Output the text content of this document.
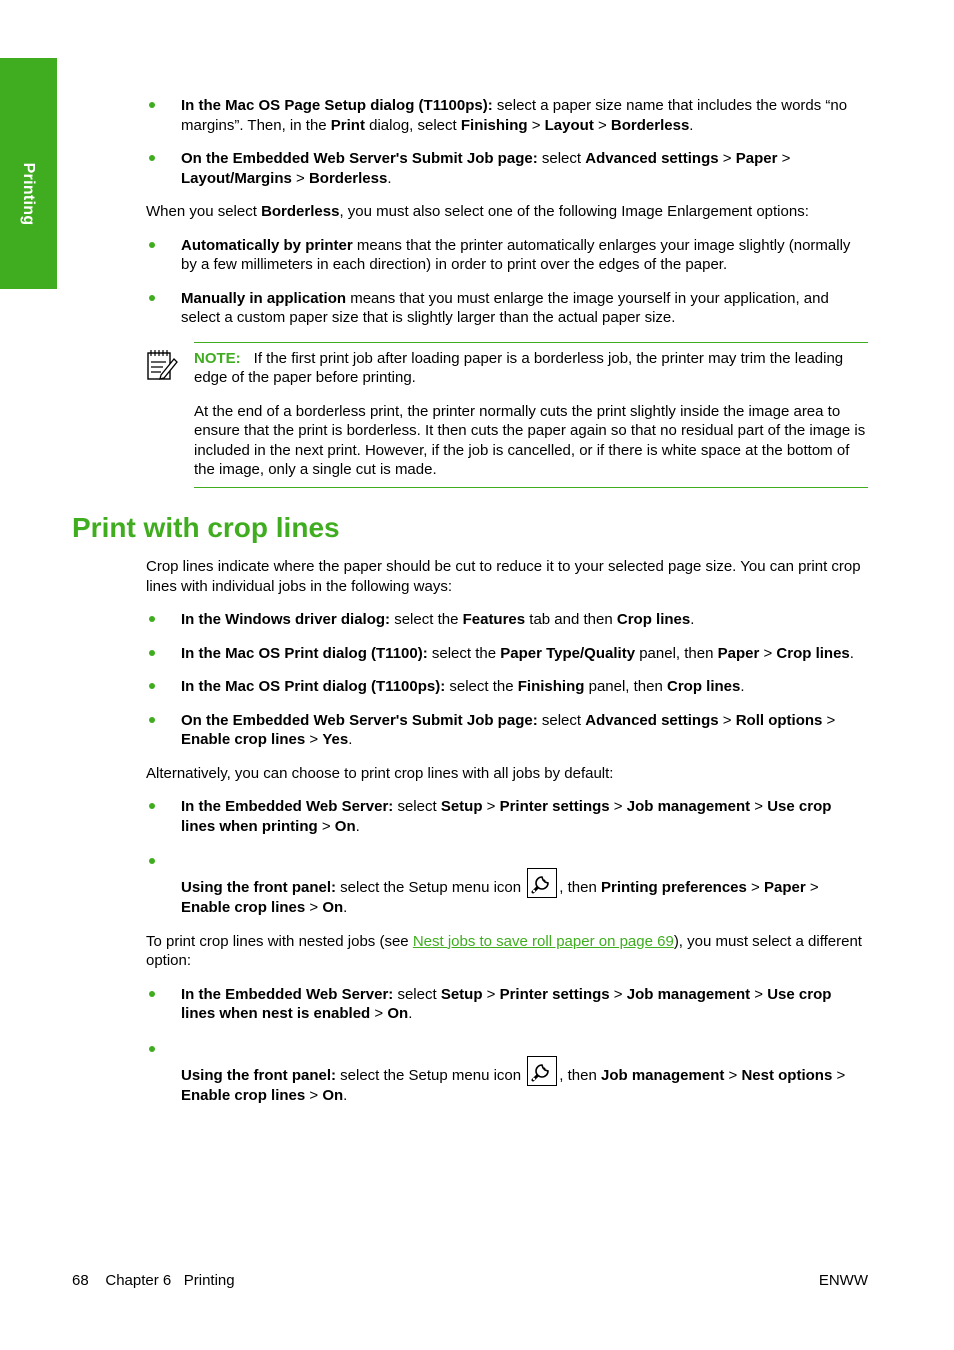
Printing

In the Mac OS Page Setup dialog (T1100ps): select a paper size name that includes the words “no margins”. Then, in the Print dialog, select Finishing > Layout > Borderless.

On the Embedded Web Server's Submit Job page: select Advanced settings > Paper > Layout/Margins > Borderless.

When you select Borderless, you must also select one of the following Image Enlargement options:

Automatically by printer means that the printer automatically enlarges your image slightly (normally by a few millimeters in each direction) in order to print over the edges of the paper.

Manually in application means that you must enlarge the image yourself in your application, and select a custom paper size that is slightly larger than the actual paper size.

NOTE: If the first print job after loading paper is a borderless job, the printer may trim the leading edge of the paper before printing.

At the end of a borderless print, the printer normally cuts the print slightly inside the image area to ensure that the print is borderless. It then cuts the paper again so that no residual part of the image is included in the next print. However, if the job is cancelled, or if there is white space at the bottom of the image, only a single cut is made.

Print with crop lines

Crop lines indicate where the paper should be cut to reduce it to your selected page size. You can print crop lines with individual jobs in the following ways:

In the Windows driver dialog: select the Features tab and then Crop lines.

In the Mac OS Print dialog (T1100): select the Paper Type/Quality panel, then Paper > Crop lines.

In the Mac OS Print dialog (T1100ps): select the Finishing panel, then Crop lines.

On the Embedded Web Server's Submit Job page: select Advanced settings > Roll options > Enable crop lines > Yes.

Alternatively, you can choose to print crop lines with all jobs by default:

In the Embedded Web Server: select Setup > Printer settings > Job management > Use crop lines when printing > On.

Using the front panel: select the Setup menu icon
, then Printing preferences > Paper > Enable crop lines > On.

To print crop lines with nested jobs (see Nest jobs to save roll paper on page 69), you must select a different option:

In the Embedded Web Server: select Setup > Printer settings > Job management > Use crop lines when nest is enabled > On.

Using the front panel: select the Setup menu icon
, then Job management > Nest options > Enable crop lines > On.

68 Chapter 6 Printing	ENWW
